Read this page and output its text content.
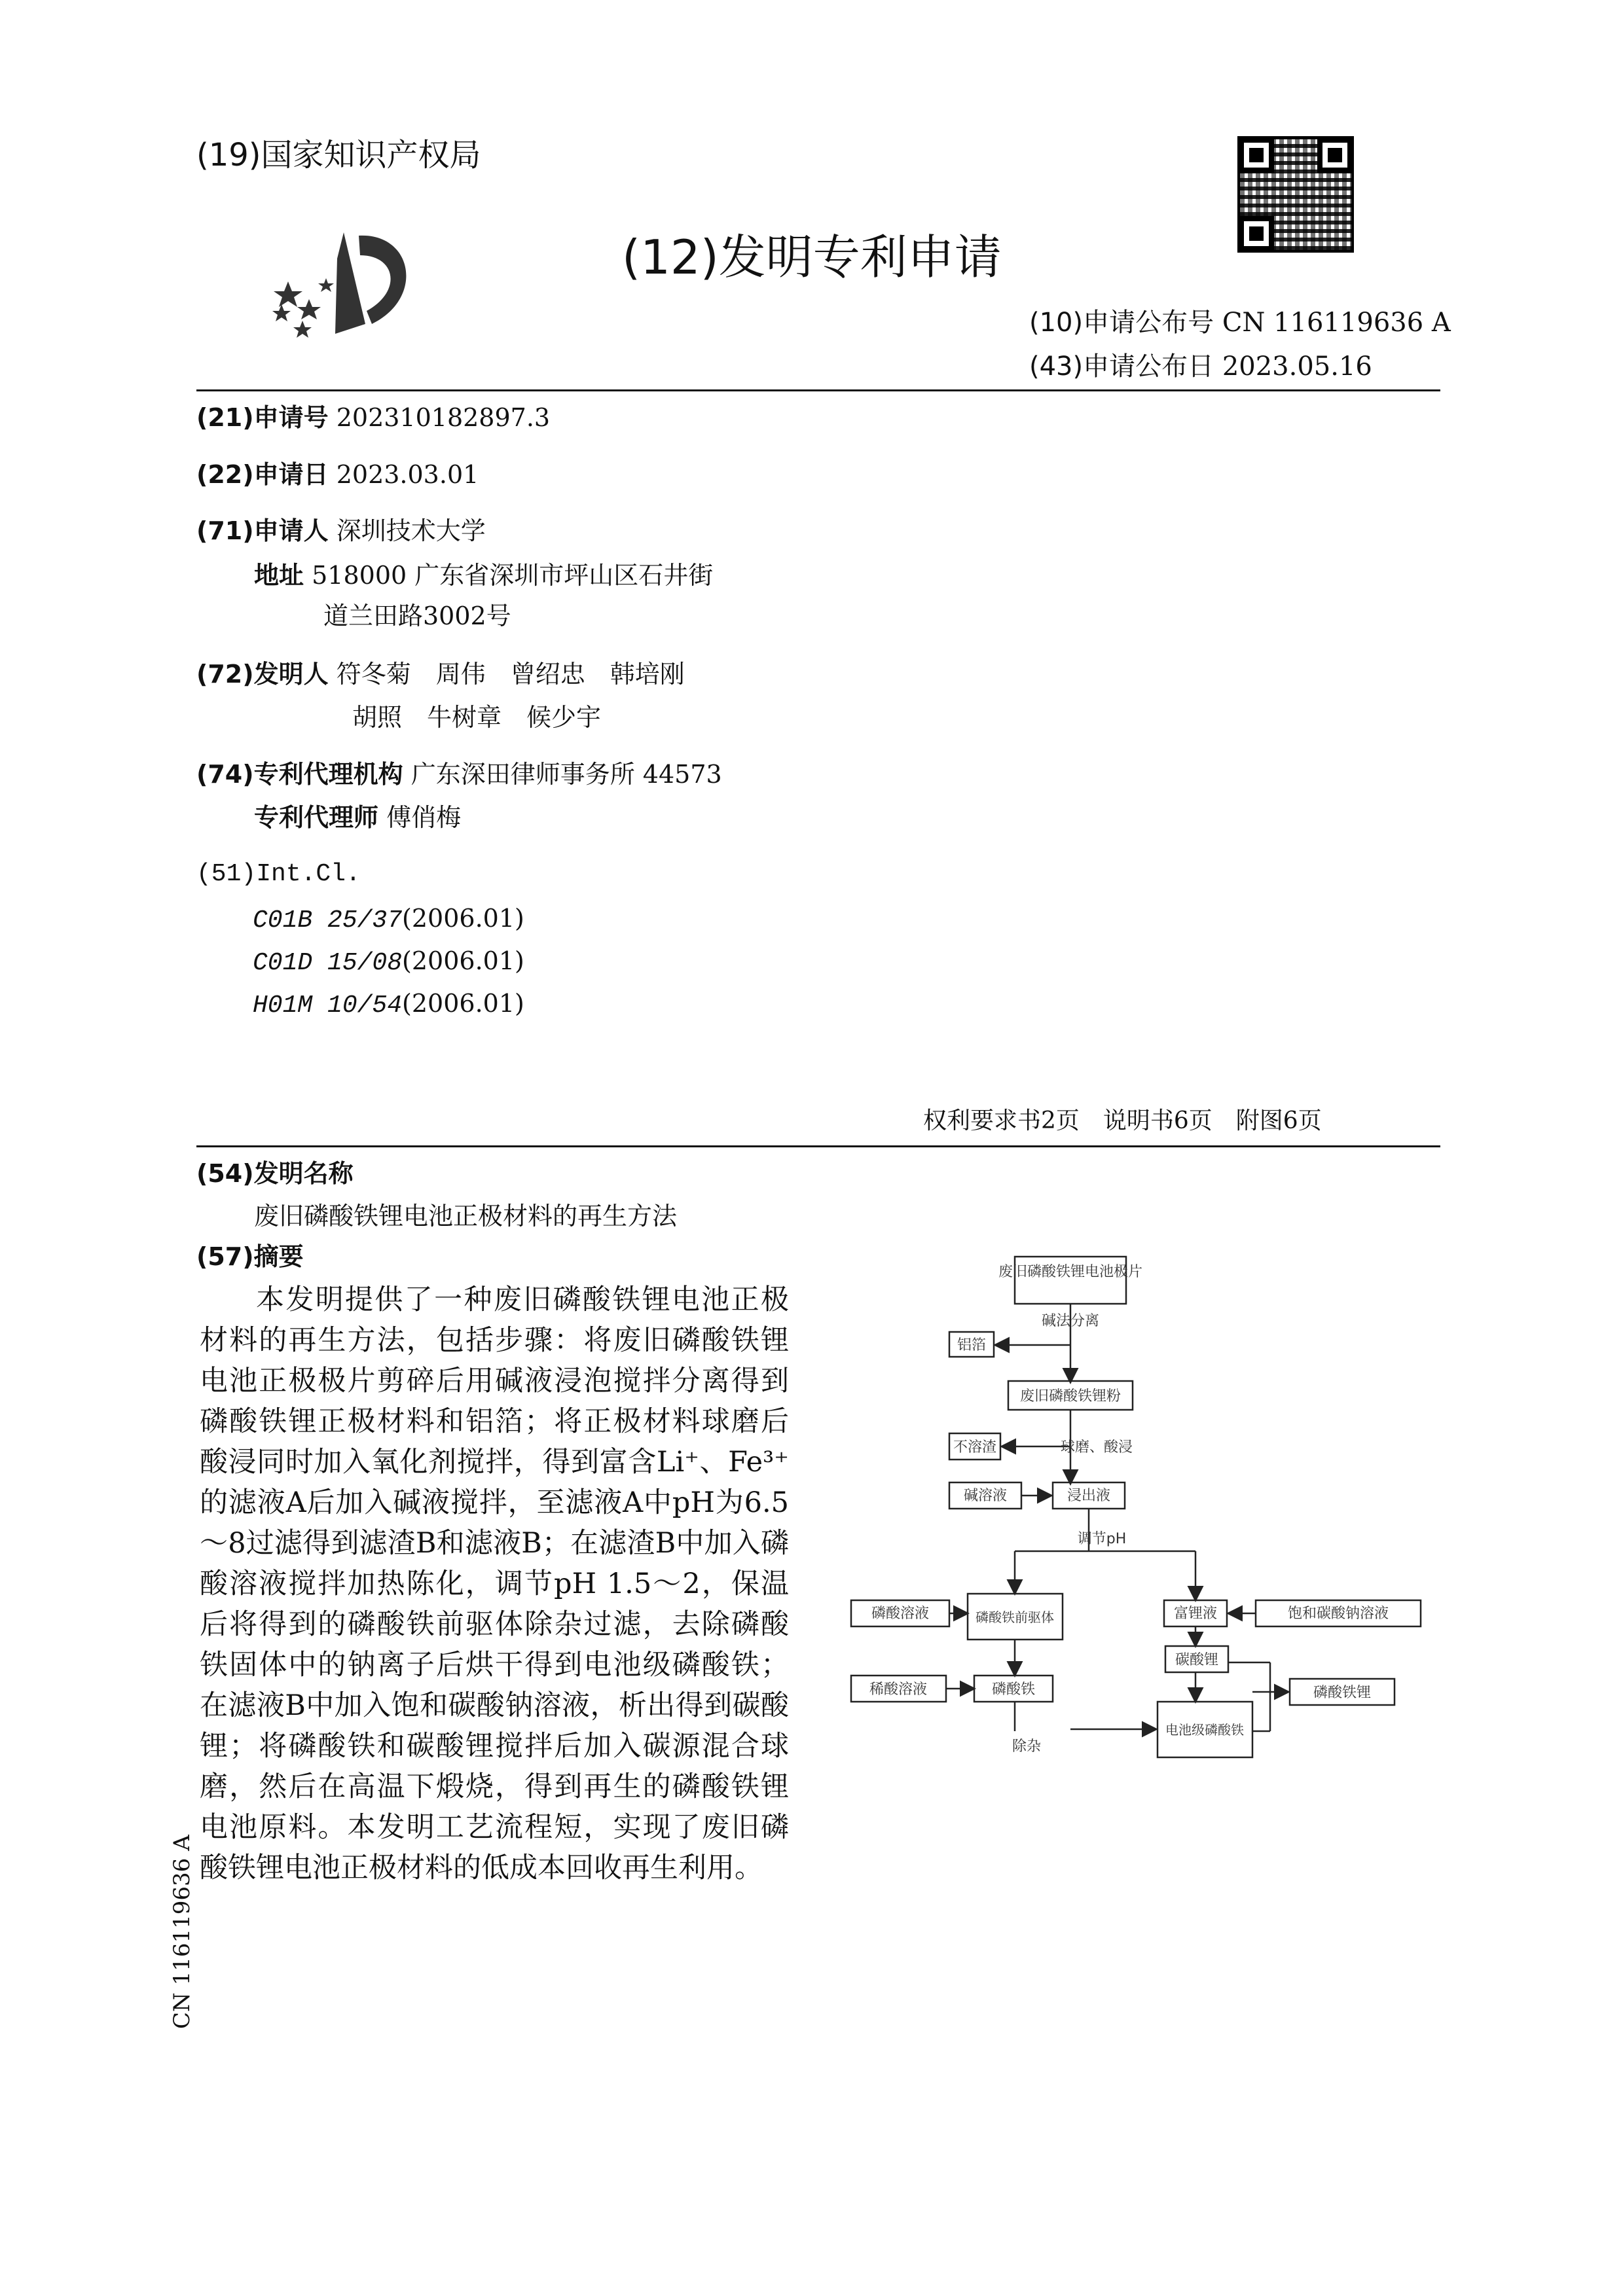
(19)国家知识产权局
(12)发明专利申请
(10)申请公布号 CN 116119636 A
(43)申请公布日 2023.05.16
(21)申请号 202310182897.3
(22)申请日 2023.03.01
(71)申请人 深圳技术大学
地址 518000 广东省深圳市坪山区石井街
道兰田路3002号
(72)发明人 符冬菊　周伟　曾绍忠　韩培刚
胡照　牛树章　候少宇
(74)专利代理机构 广东深田律师事务所 44573
专利代理师 傅俏梅
(51)Int.Cl.
C01B 25/37(2006.01)
C01D 15/08(2006.01)
H01M 10/54(2006.01)
权利要求书2页　说明书6页　附图6页
(54)发明名称
废旧磷酸铁锂电池正极材料的再生方法
(57)摘要
本发明提供了一种废旧磷酸铁锂电池正极材料的再生方法，包括步骤：将废旧磷酸铁锂电池正极极片剪碎后用碱液浸泡搅拌分离得到磷酸铁锂正极材料和铝箔；将正极材料球磨后酸浸同时加入氧化剂搅拌，得到富含Li⁺、Fe³⁺的滤液A后加入碱液搅拌，至滤液A中pH为6.5～8过滤得到滤渣B和滤液B；在滤渣B中加入磷酸溶液搅拌加热陈化，调节pH 1.5～2，保温后将得到的磷酸铁前驱体除杂过滤，去除磷酸铁固体中的钠离子后烘干得到电池级磷酸铁；在滤液B中加入饱和碳酸钠溶液，析出得到碳酸锂；将磷酸铁和碳酸锂搅拌后加入碳源混合球磨，然后在高温下煅烧，得到再生的磷酸铁锂电池原料。本发明工艺流程短，实现了废旧磷酸铁锂电池正极材料的低成本回收再生利用。
CN 116119636 A
废旧磷酸铁锂电池极片
碱法分离
铝箔
废旧磷酸铁锂粉
不溶渣	球磨、酸浸
碱溶液	浸出液
调节pH
磷酸溶液	磷酸铁前驱体	富锂液	饱和碳酸钠溶液
稀酸溶液	磷酸铁
碳酸锂
磷酸铁锂
除杂
电池级磷酸铁
